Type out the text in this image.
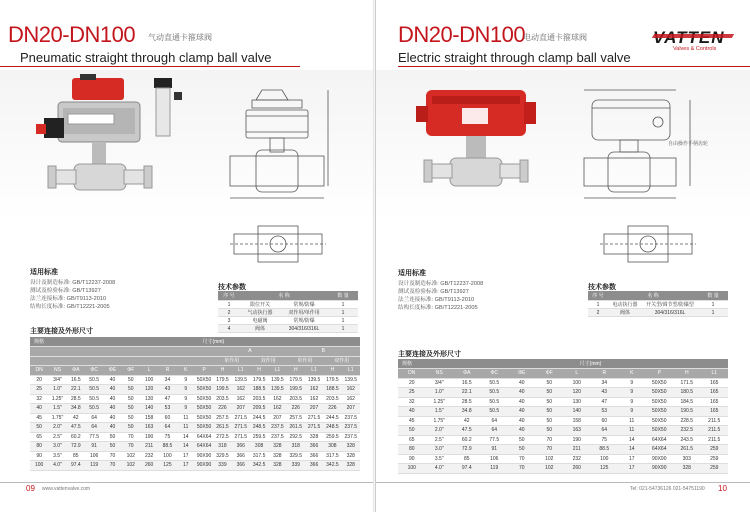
DN20-DN100 气动直通卡箍球阀
Pneumatic straight through clamp ball valve
适用标准
设计及制造标准: GB/T12237-2008
测试及检验标准: GB/T13927
法兰连接标准: GB/T9113-2010
结构长度标准: GB/T12221-2005
技术参数
序 号	名 称		数 量
1	限位开关	常规/防爆	1
2	气动执行器	双作用/单作用	1
3	电磁阀	常规/防爆	1
4	阀体	304/316/316L	1
主要连接及外形尺寸
规格		尺寸(mm)															
										A				B			
										单作用		双作用		单作用		双作用	
DN	NS	ΦA	ΦC	ΦE	ΦF	L	R	K	P	H	L1	H	L1	H	L1	H	L1
20	3/4"	16.5	50.5	40	50	100	34	9	50X50	179.5	139.5	179.5	139.5	179.5	139.5	179.5	139.5
25	1.0"	22.1	50.5	40	50	120	43	9	50X50	199.5	162	188.5	139.5	199.5	162	188.5	162
32	1.25"	28.5	50.5	40	50	130	47	9	50X50	203.5	162	203.5	162	203.5	162	203.5	162
40	1.5"	34.8	50.5	40	50	140	53	9	50X50	226	207	209.5	162	226	207	226	207
45	1.75"	42	64	40	50	158	60	11	50X50	257.5	271.5	244.5	207	257.5	271.5	244.5	237.5
50	2.0"	47.5	64	40	50	163	64	11	50X50	261.5	271.5	248.5	237.5	261.5	271.5	248.5	237.5
65	2.5"	60.2	77.5	50	70	190	75	14	64X64	272.5	271.5	259.5	237.5	292.5	328	259.5	237.5
80	3.0"	72.9	91	50	70	211	88.5	14	64X64	318	366	308	328	318	366	308	328
90	3.5"	85	106	70	102	232	100	17	90X90	329.5	366	317.5	328	329.5	366	317.5	328
100	4.0"	97.4	119	70	102	260	125	17	90X90	339	366	342.5	328	339	366	342.5	328
09 www.vattenvalve.com
DN20-DN100
电动直通卡箍球阀
Electric straight through clamp ball valve
Valves & Controls
自由操作手柄齿轮
适用标准
设计及制造标准: GB/T12237-2008
测试及检验标准: GB/T13927
法兰连接标准: GB/T9113-2010
结构长度标准: GB/T12221-2005
技术参数
序 号	名 称		数 量
1	电动执行器	开关型/调节型/防爆型	1
2	阀体	304/316/316L	1
主要连接及外形尺寸
规格		尺寸(mm)									
DN	NS	ΦA	ΦC	ΦE	ΦF	L	R	K	P	H	L1
20	3/4"	16.5	50.5	40	50	100	34	9	50X50	171.5	165
25	1.0"	22.1	50.5	40	50	120	43	9	50X50	180.5	165
32	1.25"	28.5	50.5	40	50	130	47	9	50X50	184.5	165
40	1.5"	34.8	50.5	40	50	140	53	9	50X50	190.5	165
45	1.75"	42	64	40	50	158	60	11	50X50	228.5	211.5
50	2.0"	47.5	64	40	50	163	64	11	50X50	232.5	211.5
65	2.5"	60.2	77.5	50	70	190	75	14	64X64	243.5	211.5
80	3.0"	72.9	91	50	70	211	88.5	14	64X64	261.5	259
90	3.5"	85	106	70	102	232	100	17	90X90	303	259
100	4.0"	97.4	119	70	102	260	125	17	90X90	328	259
Tel: 021-54736126 021-54751190 10
